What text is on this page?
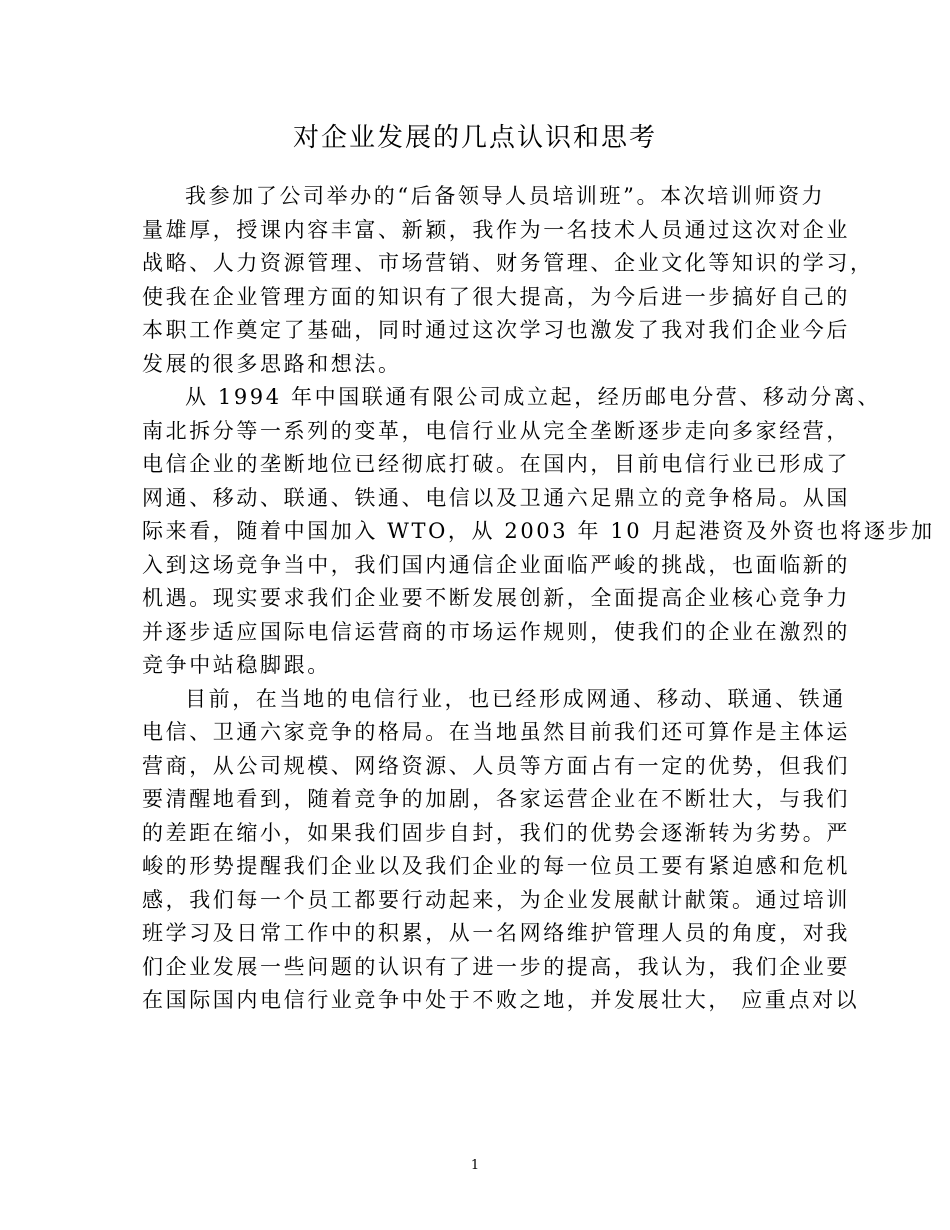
对企业发展的几点认识和思考
我参加了公司举办的“后备领导人员培训班”。本次培训师资力
量雄厚，授课内容丰富、新颖，我作为一名技术人员通过这次对企业
战略、人力资源管理、市场营销、财务管理、企业文化等知识的学习，
使我在企业管理方面的知识有了很大提高，为今后进一步搞好自己的
本职工作奠定了基础，同时通过这次学习也激发了我对我们企业今后
发展的很多思路和想法。
从 1994 年中国联通有限公司成立起，经历邮电分营、移动分离、
南北拆分等一系列的变革，电信行业从完全垄断逐步走向多家经营，
电信企业的垄断地位已经彻底打破。在国内，目前电信行业已形成了
网通、移动、联通、铁通、电信以及卫通六足鼎立的竞争格局。从国
际来看，随着中国加入 WTO，从 2003 年 10 月起港资及外资也将逐步加
入到这场竞争当中，我们国内通信企业面临严峻的挑战，也面临新的
机遇。现实要求我们企业要不断发展创新，全面提高企业核心竞争力
并逐步适应国际电信运营商的市场运作规则，使我们的企业在激烈的
竞争中站稳脚跟。
目前，在当地的电信行业，也已经形成网通、移动、联通、铁通
电信、卫通六家竞争的格局。在当地虽然目前我们还可算作是主体运
营商，从公司规模、网络资源、人员等方面占有一定的优势，但我们
要清醒地看到，随着竞争的加剧，各家运营企业在不断壮大，与我们
的差距在缩小，如果我们固步自封，我们的优势会逐渐转为劣势。严
峻的形势提醒我们企业以及我们企业的每一位员工要有紧迫感和危机
感，我们每一个员工都要行动起来，为企业发展献计献策。通过培训
班学习及日常工作中的积累，从一名网络维护管理人员的角度，对我
们企业发展一些问题的认识有了进一步的提高，我认为，我们企业要
在国际国内电信行业竞争中处于不败之地，并发展壮大， 应重点对以
1
